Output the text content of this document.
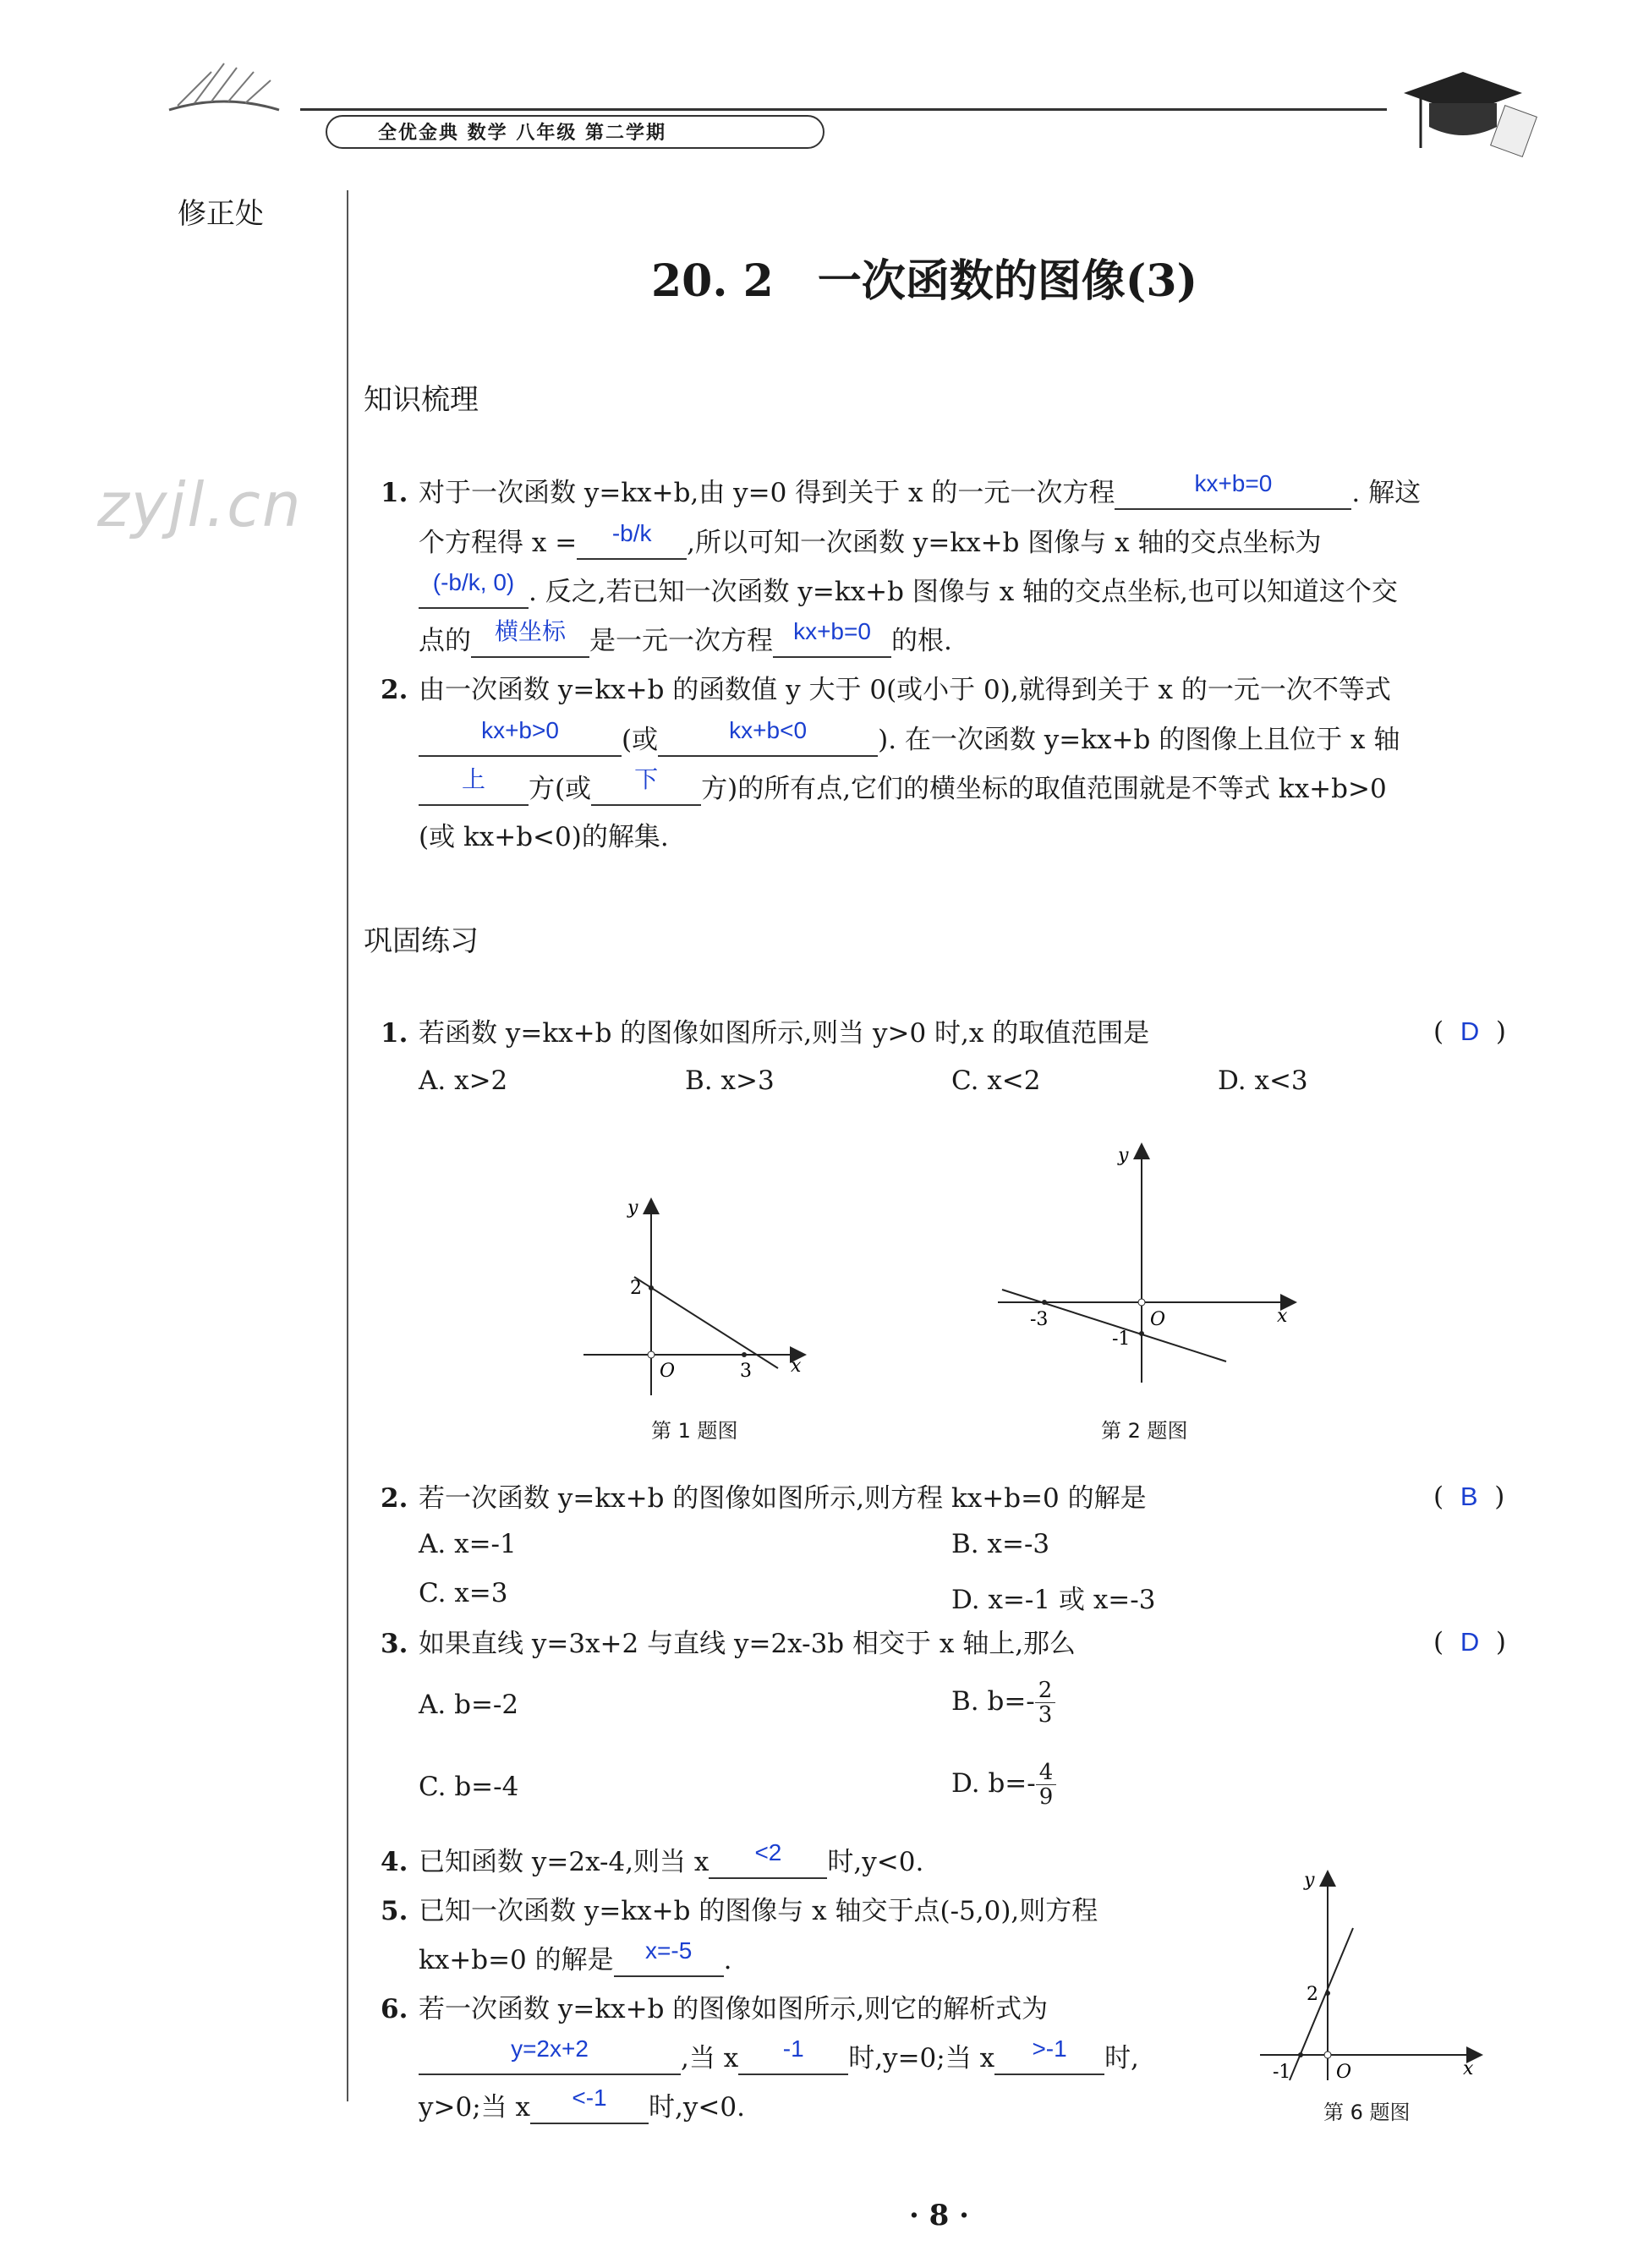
全优金典 数学 八年级 第二学期
修正处
zyjl.cn
20. 2　一次函数的图像(3)
知识梳理
1. 对于一次函数 y=kx+b,由 y=0 得到关于 x 的一元一次方程	kx+b=0	. 解这
个方程得 x = -b/k ,所以可知一次函数 y=kx+b 图像与 x 轴的交点坐标为
(-b/k, 0) . 反之,若已知一次函数 y=kx+b 图像与 x 轴的交点坐标,也可以知道这个交
点的 横坐标 是一元一次方程 kx+b=0 的根.
2. 由一次函数 y=kx+b 的函数值 y 大于 0(或小于 0),就得到关于 x 的一元一次不等式
kx+b>0 (或	kx+b<0	). 在一次函数 y=kx+b 的图像上且位于 x 轴
上 方(或 下 方)的所有点,它们的横坐标的取值范围就是不等式 kx+b>0
(或 kx+b<0)的解集.
巩固练习
1. 若函数 y=kx+b 的图像如图所示,则当 y>0 时,x 的取值范围是	(  D  )
A. x>2	B. x>3	C. x<2	D. x<3
2
3
O	x
y
第 1 题图
-3
-1
O	x
y
第 2 题图
2. 若一次函数 y=kx+b 的图像如图所示,则方程 kx+b=0 的解是	(  B  )
A. x=-1	B. x=-3
C. x=3	D. x=-1 或 x=-3
3. 如果直线 y=3x+2 与直线 y=2x-3b 相交于 x 轴上,那么	(  D  )
A. b=-2	B. $b=- \frac{2}{3}$
C. b=-4	D. $b=- \frac{4}{9}$
4. 已知函数 y=2x-4,则当 x <2 时,y<0.
5. 已知一次函数 y=kx+b 的图像与 x 轴交于点(-5,0),则方程
kx+b=0 的解是 x=-5 .
6. 若一次函数 y=kx+b 的图像如图所示,则它的解析式为
y=2x+2	,当 x -1 时,y=0;当 x >-1 时,
y>0;当 x <-1 时,y<0.
-1
2
O	x
y
第 6 题图
· 8 ·
